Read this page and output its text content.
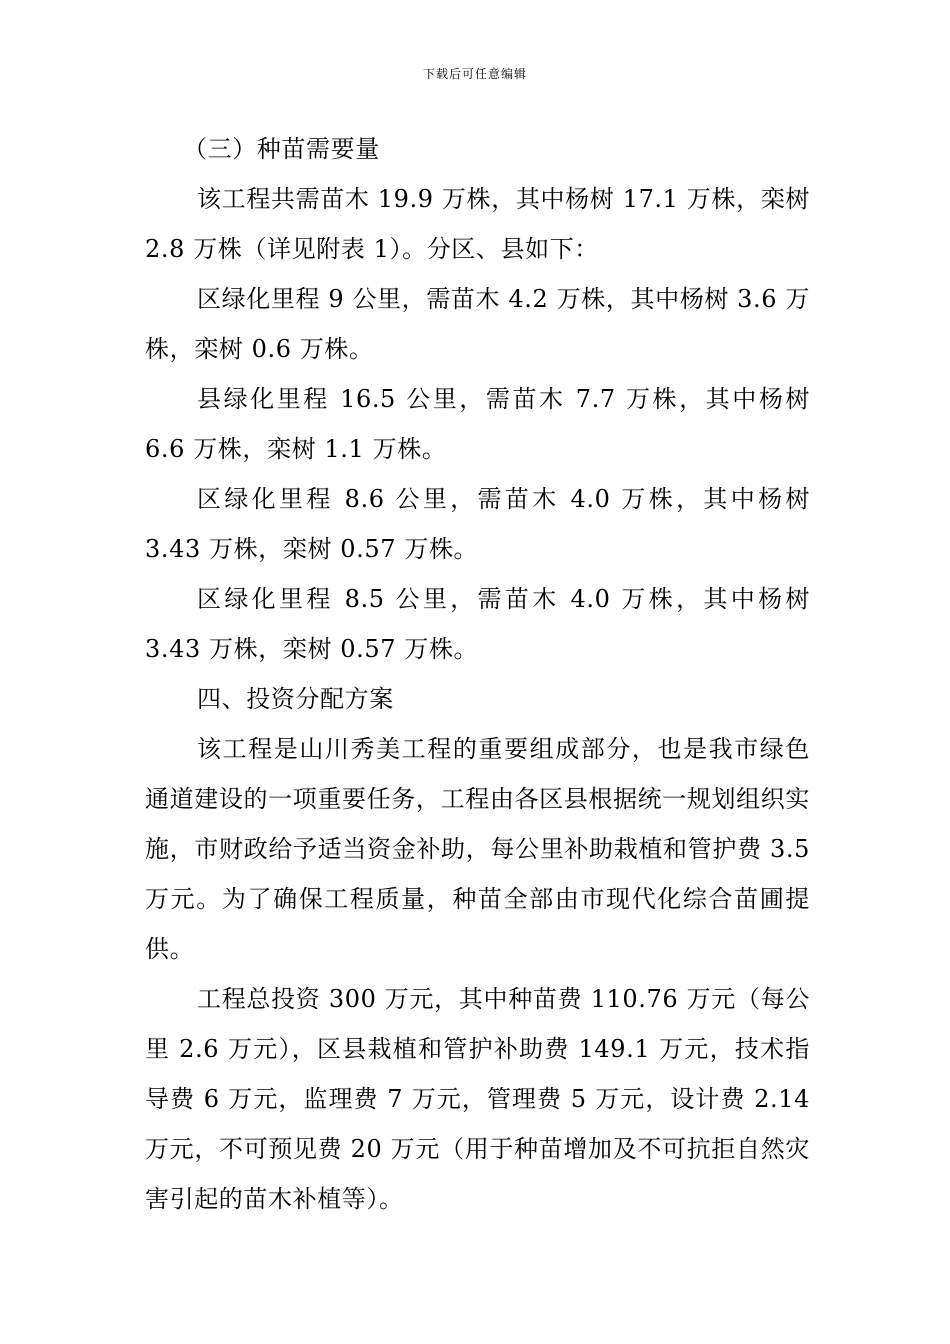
下载后可任意编辑

（三）种苗需要量

该工程共需苗木 19.9 万株，其中杨树 17.1 万株，栾树 2.8 万株（详见附表 1）。分区、县如下：

区绿化里程 9 公里，需苗木 4.2 万株，其中杨树 3.6 万株，栾树 0.6 万株。

县绿化里程 16.5 公里，需苗木 7.7 万株，其中杨树 6.6 万株，栾树 1.1 万株。

区绿化里程 8.6 公里，需苗木 4.0 万株，其中杨树 3.43 万株，栾树 0.57 万株。

区绿化里程 8.5 公里，需苗木 4.0 万株，其中杨树 3.43 万株，栾树 0.57 万株。

四、投资分配方案

该工程是山川秀美工程的重要组成部分，也是我市绿色通道建设的一项重要任务，工程由各区县根据统一规划组织实施，市财政给予适当资金补助，每公里补助栽植和管护费 3.5 万元。为了确保工程质量，种苗全部由市现代化综合苗圃提供。

工程总投资 300 万元，其中种苗费 110.76 万元（每公里 2.6 万元），区县栽植和管护补助费 149.1 万元，技术指导费 6 万元，监理费 7 万元，管理费 5 万元，设计费 2.14 万元，不可预见费 20 万元（用于种苗增加及不可抗拒自然灾害引起的苗木补植等）。
